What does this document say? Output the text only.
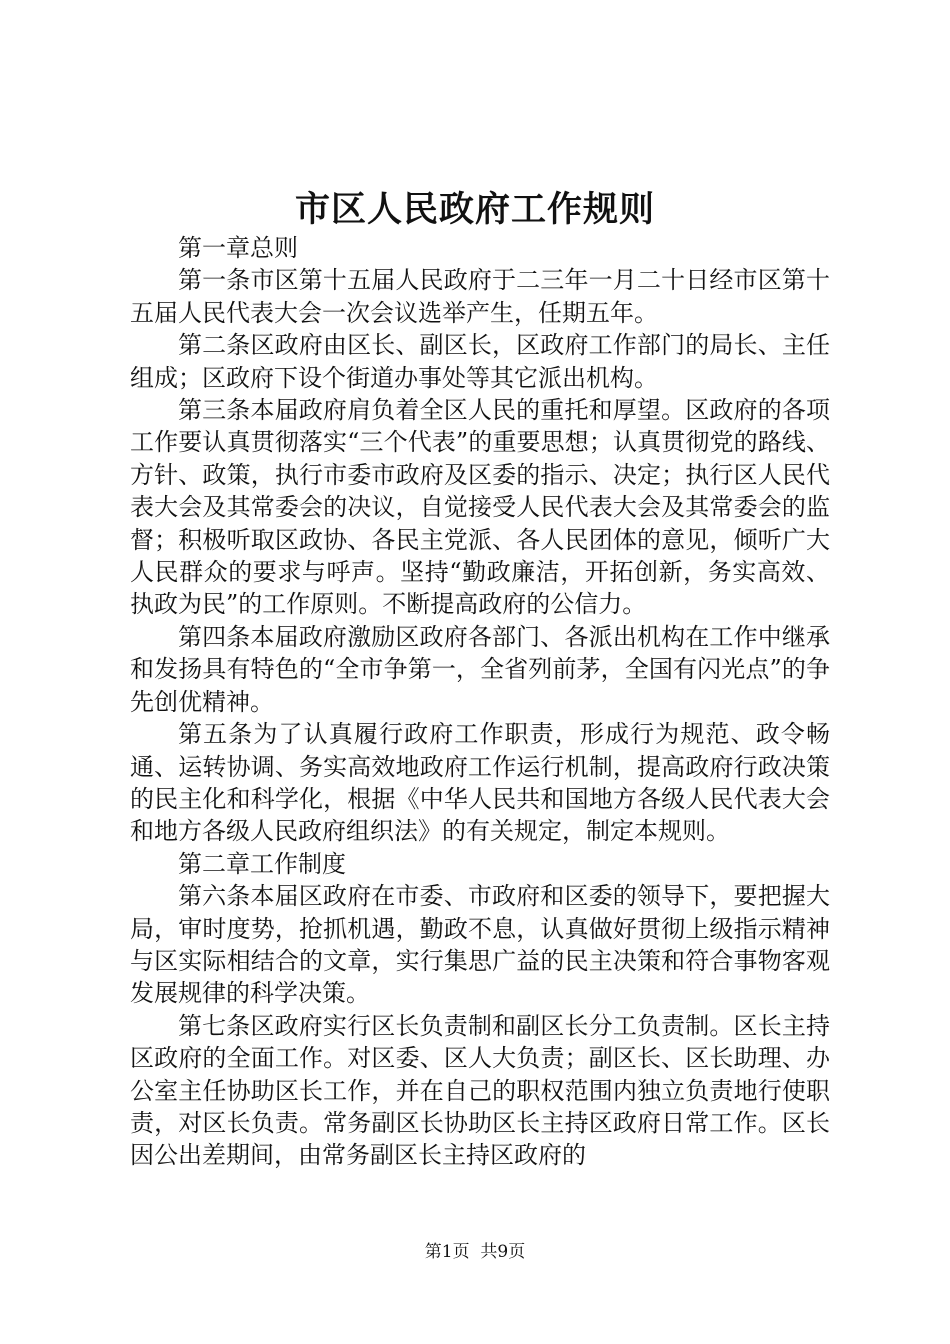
市区人民政府工作规则

第一章总则

第一条市区第十五届人民政府于二三年一月二十日经市区第十五届人民代表大会一次会议选举产生，任期五年。

第二条区政府由区长、副区长，区政府工作部门的局长、主任组成；区政府下设个街道办事处等其它派出机构。

第三条本届政府肩负着全区人民的重托和厚望。区政府的各项工作要认真贯彻落实“三个代表”的重要思想；认真贯彻党的路线、方针、政策，执行市委市政府及区委的指示、决定；执行区人民代表大会及其常委会的决议，自觉接受人民代表大会及其常委会的监督；积极听取区政协、各民主党派、各人民团体的意见，倾听广大人民群众的要求与呼声。坚持“勤政廉洁，开拓创新，务实高效、执政为民”的工作原则。不断提高政府的公信力。

第四条本届政府激励区政府各部门、各派出机构在工作中继承和发扬具有特色的“全市争第一，全省列前茅，全国有闪光点”的争先创优精神。

第五条为了认真履行政府工作职责，形成行为规范、政令畅通、运转协调、务实高效地政府工作运行机制，提高政府行政决策的民主化和科学化，根据《中华人民共和国地方各级人民代表大会和地方各级人民政府组织法》的有关规定，制定本规则。

第二章工作制度

第六条本届区政府在市委、市政府和区委的领导下，要把握大局，审时度势，抢抓机遇，勤政不息，认真做好贯彻上级指示精神与区实际相结合的文章，实行集思广益的民主决策和符合事物客观发展规律的科学决策。

第七条区政府实行区长负责制和副区长分工负责制。区长主持区政府的全面工作。对区委、区人大负责；副区长、区长助理、办公室主任协助区长工作，并在自己的职权范围内独立负责地行使职责，对区长负责。常务副区长协助区长主持区政府日常工作。区长因公出差期间，由常务副区长主持区政府的

第1页 共9页
